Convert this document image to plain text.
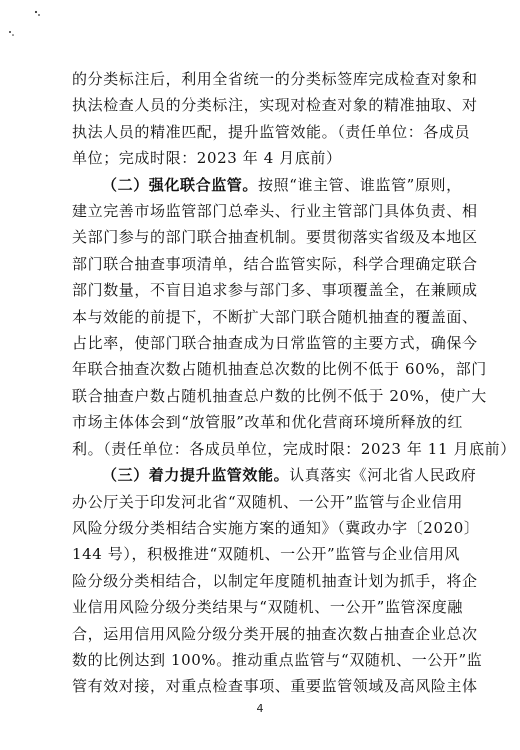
的分类标注后，利用全省统一的分类标签库完成检查对象和
执法检查人员的分类标注，实现对检查对象的精准抽取、对
执法人员的精准匹配，提升监管效能。（责任单位：各成员
单位；完成时限：2023 年 4 月底前）
（二）强化联合监管。按照“谁主管、谁监管”原则，
建立完善市场监管部门总牵头、行业主管部门具体负责、相
关部门参与的部门联合抽查机制。要贯彻落实省级及本地区
部门联合抽查事项清单，结合监管实际，科学合理确定联合
部门数量，不盲目追求参与部门多、事项覆盖全，在兼顾成
本与效能的前提下，不断扩大部门联合随机抽查的覆盖面、
占比率，使部门联合抽查成为日常监管的主要方式，确保今
年联合抽查次数占随机抽查总次数的比例不低于 60%，部门
联合抽查户数占随机抽查总户数的比例不低于 20%，使广大
市场主体体会到“放管服”改革和优化营商环境所释放的红
利。（责任单位：各成员单位，完成时限：2023 年 11 月底前）
（三）着力提升监管效能。认真落实《河北省人民政府
办公厅关于印发河北省“双随机、一公开”监管与企业信用
风险分级分类相结合实施方案的通知》（冀政办字〔2020〕
144 号），积极推进“双随机、一公开”监管与企业信用风
险分级分类相结合，以制定年度随机抽查计划为抓手，将企
业信用风险分级分类结果与“双随机、一公开”监管深度融
合，运用信用风险分级分类开展的抽查次数占抽查企业总次
数的比例达到 100%。推动重点监管与“双随机、一公开”监
管有效对接，对重点检查事项、重要监管领域及高风险主体
4
